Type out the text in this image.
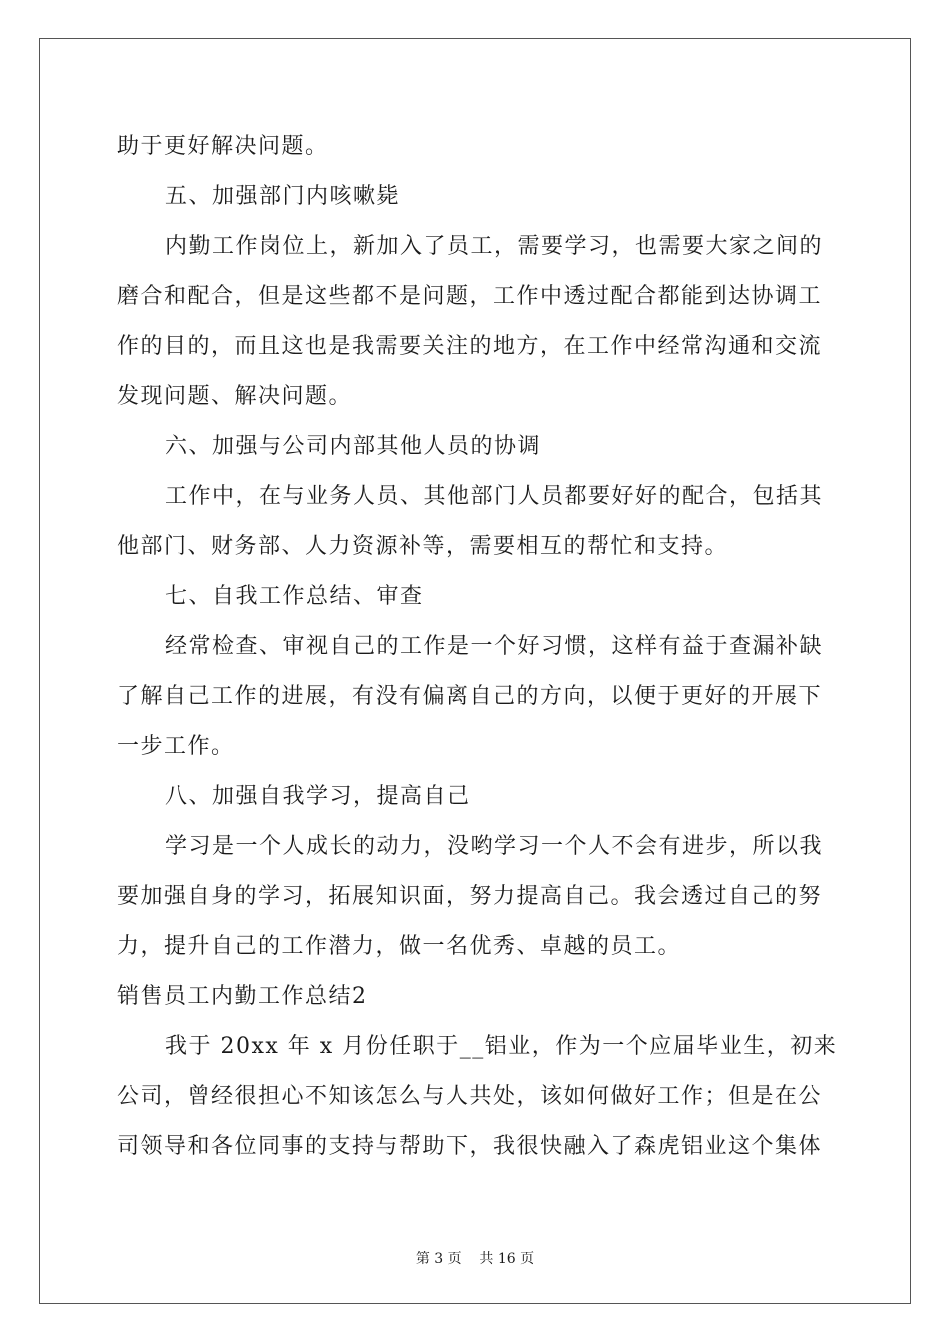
助于更好解决问题。
五、加强部门内咳嗽毙
内勤工作岗位上，新加入了员工，需要学习，也需要大家之间的
磨合和配合，但是这些都不是问题，工作中透过配合都能到达协调工
作的目的，而且这也是我需要关注的地方，在工作中经常沟通和交流
发现问题、解决问题。
六、加强与公司内部其他人员的协调
工作中，在与业务人员、其他部门人员都要好好的配合，包括其
他部门、财务部、人力资源补等，需要相互的帮忙和支持。
七、自我工作总结、审查
经常检查、审视自己的工作是一个好习惯，这样有益于查漏补缺
了解自己工作的进展，有没有偏离自己的方向，以便于更好的开展下
一步工作。
八、加强自我学习，提高自己
学习是一个人成长的动力，没哟学习一个人不会有进步，所以我
要加强自身的学习，拓展知识面，努力提高自己。我会透过自己的努
力，提升自己的工作潜力，做一名优秀、卓越的员工。
销售员工内勤工作总结2
我于 20xx 年 x 月份任职于__铝业，作为一个应届毕业生，初来
公司，曾经很担心不知该怎么与人共处，该如何做好工作；但是在公
司领导和各位同事的支持与帮助下，我很快融入了森虎铝业这个集体
第 3 页    共 16 页
